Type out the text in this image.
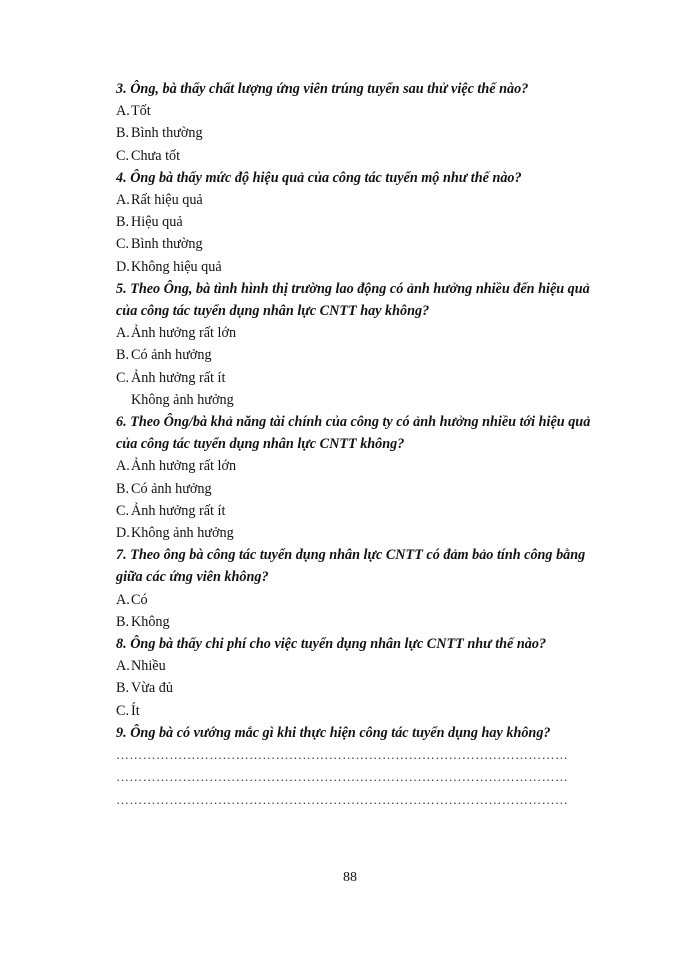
3. Ông, bà thấy chất lượng ứng viên trúng tuyển sau thử việc thế nào?
A.Tốt
B. Bình thường
C. Chưa tốt
4. Ông bà thấy mức độ hiệu quả của công tác tuyển mộ như thế nào?
A.Rất hiệu quả
B. Hiệu quả
C. Bình thường
D.Không hiệu quả
5. Theo Ông, bà tình hình thị trường lao động có ảnh hưởng nhiều đến hiệu quả của công tác tuyển dụng nhân lực CNTT hay không?
A.Ảnh hưởng rất lớn
B. Có ảnh hưởng
C. Ảnh hưởng rất ít
Không ảnh hưởng
6. Theo Ông/bà khả năng tài chính của công ty có ảnh hưởng nhiều tới hiệu quả của công tác tuyển dụng nhân lực CNTT không?
A.Ảnh hưởng rất lớn
B. Có ảnh hưởng
C. Ảnh hưởng rất ít
D.Không ảnh hưởng
7. Theo ông bà công tác tuyển dụng nhân lực CNTT có đảm bảo tính công bằng giữa các ứng viên không?
A.Có
B. Không
8. Ông bà thấy chi phí cho việc tuyển dụng nhân lực CNTT như thế nào?
A.Nhiều
B. Vừa đủ
C. Ít
9. Ông bà có vướng mắc gì khi thực hiện công tác tuyển dụng hay không?
…………………………………………………………………………………………
…………………………………………………………………………………………
…………………………………………………………………………………………
88
